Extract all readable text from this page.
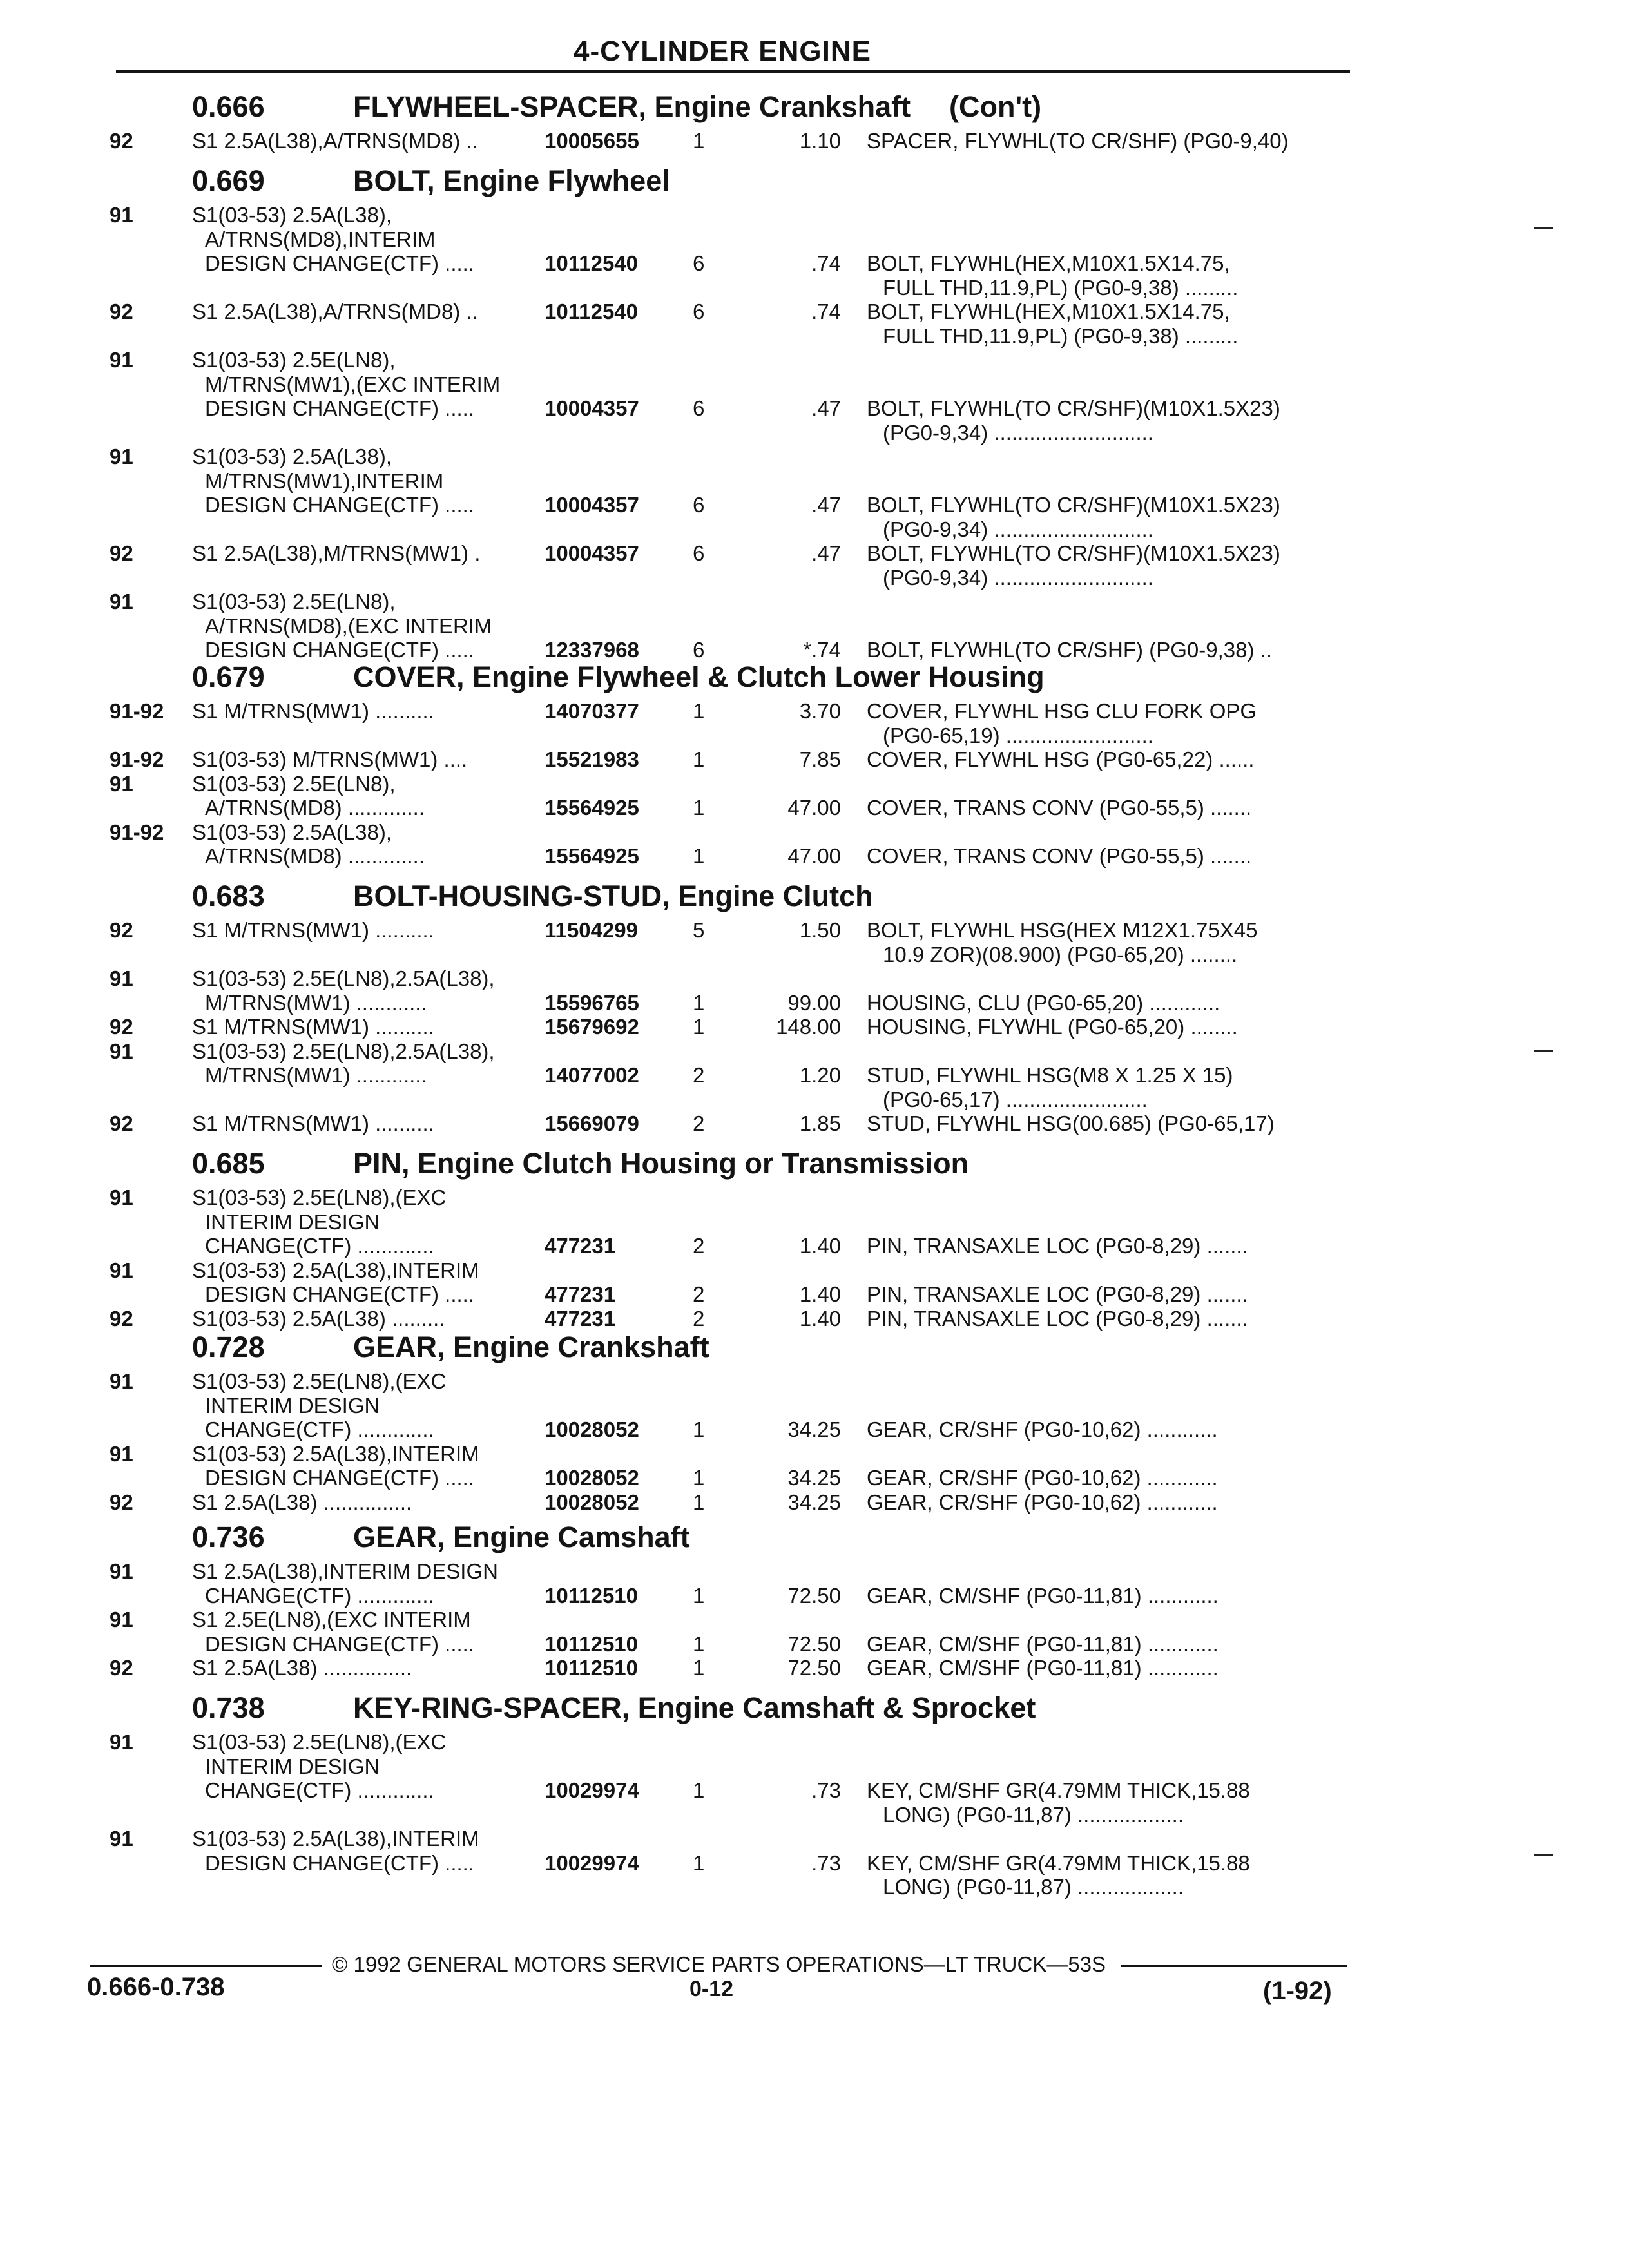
4-CYLINDER ENGINE
0.666	FLYWHEEL-SPACER, Engine Crankshaft (Con't)
92	S1 2.5A(L38),A/TRNS(MD8) ..	10005655	1	1.10 SPACER, FLYWHL(TO CR/SHF) (PG0-9,40)
0.669	BOLT, Engine Flywheel
91	S1(03-53) 2.5A(L38),
A/TRNS(MD8),INTERIM
DESIGN CHANGE(CTF) .....	10112540	6	.74 BOLT, FLYWHL(HEX,M10X1.5X14.75,
FULL THD,11.9,PL) (PG0-9,38) .........
92	S1 2.5A(L38),A/TRNS(MD8) ..	10112540	6	.74 BOLT, FLYWHL(HEX,M10X1.5X14.75,
FULL THD,11.9,PL) (PG0-9,38) .........
91	S1(03-53) 2.5E(LN8),
M/TRNS(MW1),(EXC INTERIM
DESIGN CHANGE(CTF) .....	10004357	6	.47 BOLT, FLYWHL(TO CR/SHF)(M10X1.5X23)
(PG0-9,34) ...........................
91	S1(03-53) 2.5A(L38),
M/TRNS(MW1),INTERIM
DESIGN CHANGE(CTF) .....	10004357	6	.47 BOLT, FLYWHL(TO CR/SHF)(M10X1.5X23)
(PG0-9,34) ...........................
92	S1 2.5A(L38),M/TRNS(MW1) .	10004357	6	.47 BOLT, FLYWHL(TO CR/SHF)(M10X1.5X23)
(PG0-9,34) ...........................
91	S1(03-53) 2.5E(LN8),
A/TRNS(MD8),(EXC INTERIM
DESIGN CHANGE(CTF) .....	12337968	6	*.74 BOLT, FLYWHL(TO CR/SHF) (PG0-9,38) ..
0.679	COVER, Engine Flywheel & Clutch Lower Housing
91-92 S1 M/TRNS(MW1) ..........	14070377	1	3.70 COVER, FLYWHL HSG CLU FORK OPG
(PG0-65,19) .........................
91-92 S1(03-53) M/TRNS(MW1) ....	15521983	1	7.85 COVER, FLYWHL HSG (PG0-65,22) ......
91	S1(03-53) 2.5E(LN8),
A/TRNS(MD8) .............	15564925	1	47.00 COVER, TRANS CONV (PG0-55,5) .......
91-92 S1(03-53) 2.5A(L38),
A/TRNS(MD8) .............	15564925	1	47.00 COVER, TRANS CONV (PG0-55,5) .......
0.683	BOLT-HOUSING-STUD, Engine Clutch
92	S1 M/TRNS(MW1) ..........	11504299	5	1.50 BOLT, FLYWHL HSG(HEX M12X1.75X45
10.9 ZOR)(08.900) (PG0-65,20) ........
91	S1(03-53) 2.5E(LN8),2.5A(L38),
M/TRNS(MW1) ............	15596765	1	99.00 HOUSING, CLU (PG0-65,20) ............
92	S1 M/TRNS(MW1) ..........	15679692	1	148.00 HOUSING, FLYWHL (PG0-65,20) ........
91	S1(03-53) 2.5E(LN8),2.5A(L38),
M/TRNS(MW1) ............	14077002	2	1.20 STUD, FLYWHL HSG(M8 X 1.25 X 15)
(PG0-65,17) ........................
92	S1 M/TRNS(MW1) ..........	15669079	2	1.85 STUD, FLYWHL HSG(00.685) (PG0-65,17)
0.685	PIN, Engine Clutch Housing or Transmission
91	S1(03-53) 2.5E(LN8),(EXC
INTERIM DESIGN
CHANGE(CTF) .............	477231	2	1.40 PIN, TRANSAXLE LOC (PG0-8,29) .......
91	S1(03-53) 2.5A(L38),INTERIM
DESIGN CHANGE(CTF) .....	477231	2	1.40 PIN, TRANSAXLE LOC (PG0-8,29) .......
92	S1(03-53) 2.5A(L38) .........	477231	2	1.40 PIN, TRANSAXLE LOC (PG0-8,29) .......
0.728	GEAR, Engine Crankshaft
91	S1(03-53) 2.5E(LN8),(EXC
INTERIM DESIGN
CHANGE(CTF) .............	10028052	1	34.25 GEAR, CR/SHF (PG0-10,62) ............
91	S1(03-53) 2.5A(L38),INTERIM
DESIGN CHANGE(CTF) .....	10028052	1	34.25 GEAR, CR/SHF (PG0-10,62) ............
92	S1 2.5A(L38) ...............	10028052	1	34.25 GEAR, CR/SHF (PG0-10,62) ............
0.736	GEAR, Engine Camshaft
91	S1 2.5A(L38),INTERIM DESIGN
CHANGE(CTF) .............	10112510	1	72.50 GEAR, CM/SHF (PG0-11,81) ............
91	S1 2.5E(LN8),(EXC INTERIM
DESIGN CHANGE(CTF) .....	10112510	1	72.50 GEAR, CM/SHF (PG0-11,81) ............
92	S1 2.5A(L38) ...............	10112510	1	72.50 GEAR, CM/SHF (PG0-11,81) ............
0.738	KEY-RING-SPACER, Engine Camshaft & Sprocket
91	S1(03-53) 2.5E(LN8),(EXC
INTERIM DESIGN
CHANGE(CTF) .............	10029974	1	.73 KEY, CM/SHF GR(4.79MM THICK,15.88
LONG) (PG0-11,87) ..................
91	S1(03-53) 2.5A(L38),INTERIM
DESIGN CHANGE(CTF) .....	10029974	1	.73 KEY, CM/SHF GR(4.79MM THICK,15.88
LONG) (PG0-11,87) ..................
© 1992 GENERAL MOTORS SERVICE PARTS OPERATIONS—LT TRUCK—53S
0.666-0.738	0-12	(1-92)
